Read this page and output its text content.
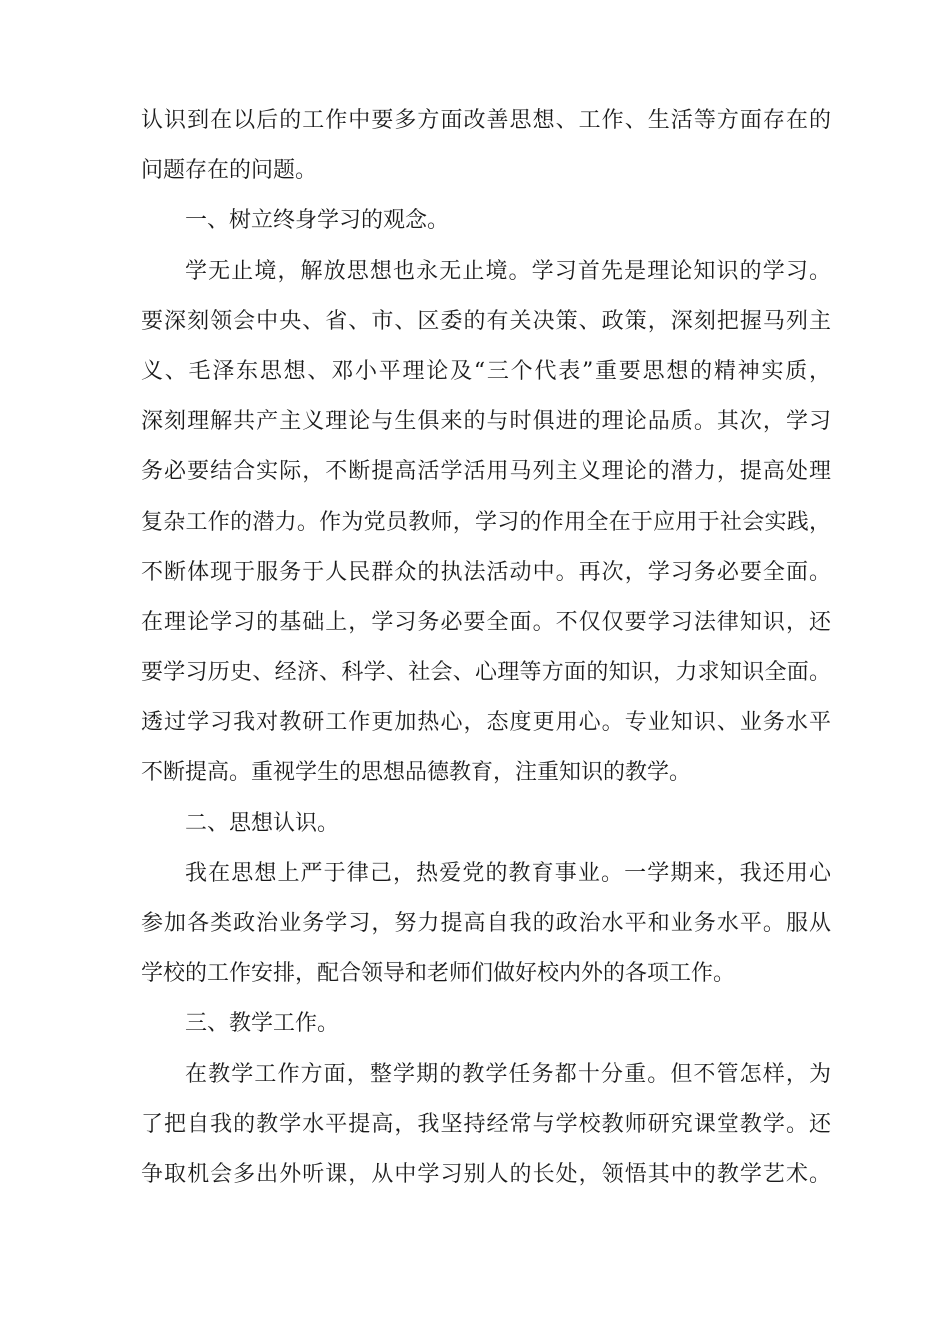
认识到在以后的工作中要多方面改善思想、工作、生活等方面存在的
问题存在的问题。
一、树立终身学习的观念。
学无止境，解放思想也永无止境。学习首先是理论知识的学习。
要深刻领会中央、省、市、区委的有关决策、政策，深刻把握马列主
义、毛泽东思想、邓小平理论及“三个代表”重要思想的精神实质，
深刻理解共产主义理论与生俱来的与时俱进的理论品质。其次，学习
务必要结合实际，不断提高活学活用马列主义理论的潜力，提高处理
复杂工作的潜力。作为党员教师，学习的作用全在于应用于社会实践，
不断体现于服务于人民群众的执法活动中。再次，学习务必要全面。
在理论学习的基础上，学习务必要全面。不仅仅要学习法律知识，还
要学习历史、经济、科学、社会、心理等方面的知识，力求知识全面。
透过学习我对教研工作更加热心，态度更用心。专业知识、业务水平
不断提高。重视学生的思想品德教育，注重知识的教学。
二、思想认识。
我在思想上严于律己，热爱党的教育事业。一学期来，我还用心
参加各类政治业务学习，努力提高自我的政治水平和业务水平。服从
学校的工作安排，配合领导和老师们做好校内外的各项工作。
三、教学工作。
在教学工作方面，整学期的教学任务都十分重。但不管怎样，为
了把自我的教学水平提高，我坚持经常与学校教师研究课堂教学。还
争取机会多出外听课，从中学习别人的长处，领悟其中的教学艺术。
